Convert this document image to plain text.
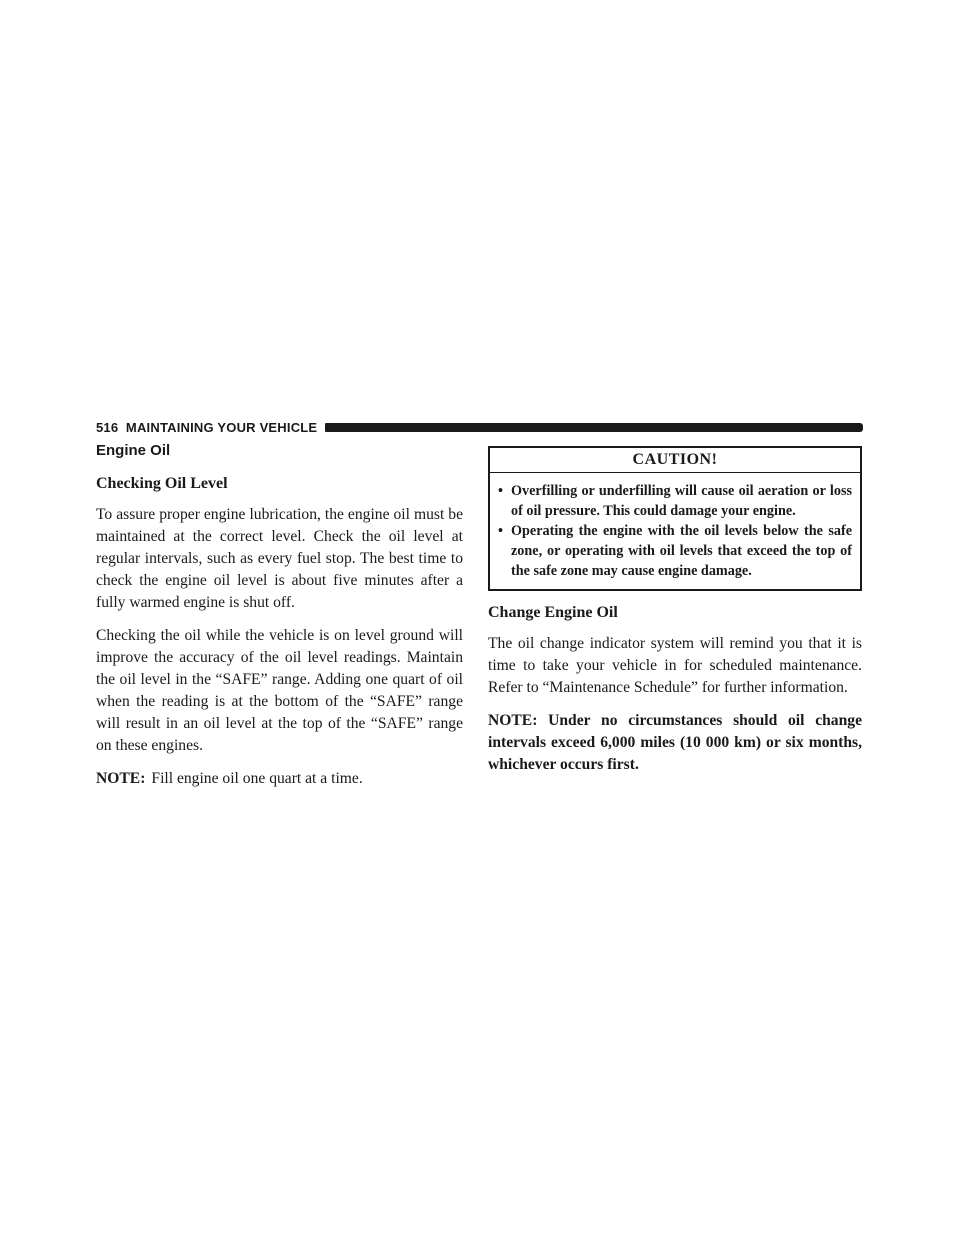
516 MAINTAINING YOUR VEHICLE
Engine Oil
Checking Oil Level

To assure proper engine lubrication, the engine oil must be maintained at the correct level. Check the oil level at regular intervals, such as every fuel stop. The best time to check the engine oil level is about five minutes after a fully warmed engine is shut off.

Checking the oil while the vehicle is on level ground will improve the accuracy of the oil level readings. Maintain the oil level in the “SAFE” range. Adding one quart of oil when the reading is at the bottom of the “SAFE” range will result in an oil level at the top of the “SAFE” range on these engines.

NOTE: Fill engine oil one quart at a time.

CAUTION!
• Overfilling or underfilling will cause oil aeration or loss of oil pressure. This could damage your engine.
• Operating the engine with the oil levels below the safe zone, or operating with oil levels that exceed the top of the safe zone may cause engine damage.
Change Engine Oil

The oil change indicator system will remind you that it is time to take your vehicle in for scheduled maintenance. Refer to “Maintenance Schedule” for further information.

NOTE: Under no circumstances should oil change intervals exceed 6,000 miles (10 000 km) or six months, whichever occurs first.
